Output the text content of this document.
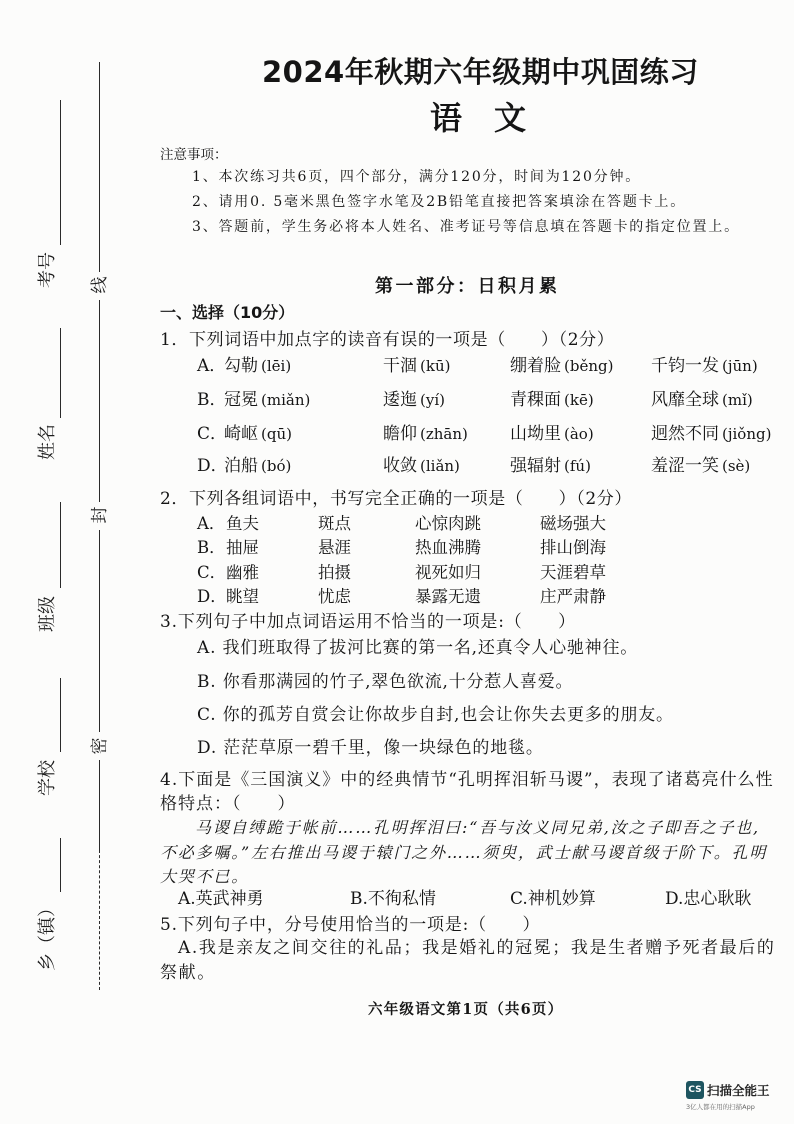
考号
姓名
班级
学校
乡（镇）
线
封
密
2024年秋期六年级期中巩固练习
语　文
注意事项：
1、本次练习共6页，四个部分，满分120分，时间为120分钟。
2、请用0. 5毫米黑色签字水笔及2B铅笔直接把答案填涂在答题卡上。
3、答题前，学生务必将本人姓名、准考证号等信息填在答题卡的指定位置上。
第一部分：日积月累
一、选择（10分）
1．下列词语中加点字的读音有误的一项是（　　）（2分）
A．
勾勒 (lēi)	干涸 (kū)	绷着脸 (běng) 千钧一发 (jūn)
B．
冠冕 (miǎn)	逶迤 (yí)	青稞面 (kē)	风靡全球 (mǐ)
C．
崎岖 (qū)	瞻仰 (zhān) 山坳里 (ào)	迥然不同 (jiǒng)
D．
泊船 (bó)	收敛 (liǎn)	强辐射 (fú)	羞涩一笑 (sè)
2．下列各组词语中，书写完全正确的一项是（　　）（2分）
A． 鱼夫	斑点	心惊肉跳	磁场强大
B． 抽屉	悬涯	热血沸腾	排山倒海
C． 幽雅	拍摄	视死如归	天涯碧草
D． 眺望	忧虑	暴露无遗	庄严肃静
3.下列句子中加点词语运用不恰当的一项是:（　　）
A. 我们班取得了拔河比赛的第一名,还真令人心驰神往。
B. 你看那满园的竹子,翠色欲流,十分惹人喜爱。
C. 你的孤芳自赏会让你故步自封,也会让你失去更多的朋友。
D. 茫茫草原一碧千里，像一块绿色的地毯。
4.下面是《三国演义》中的经典情节“孔明挥泪斩马谡”，表现了诸葛亮什么性
格特点：（　　）
马谡自缚跪于帐前……孔明挥泪曰:“吾与汝义同兄弟,汝之子即吾之子也,
不必多嘱。”左右推出马谡于辕门之外……须臾，武士献马谡首级于阶下。孔明
大哭不已。
A.英武神勇	B.不徇私情	C.神机妙算	D.忠心耿耿
5.下列句子中，分号使用恰当的一项是:（　　）
A.我是亲友之间交往的礼品；我是婚礼的冠冕；我是生者赠予死者最后的
祭献。
六年级语文第1页（共6页）
CS 扫描全能王
3亿人都在用的扫描App
